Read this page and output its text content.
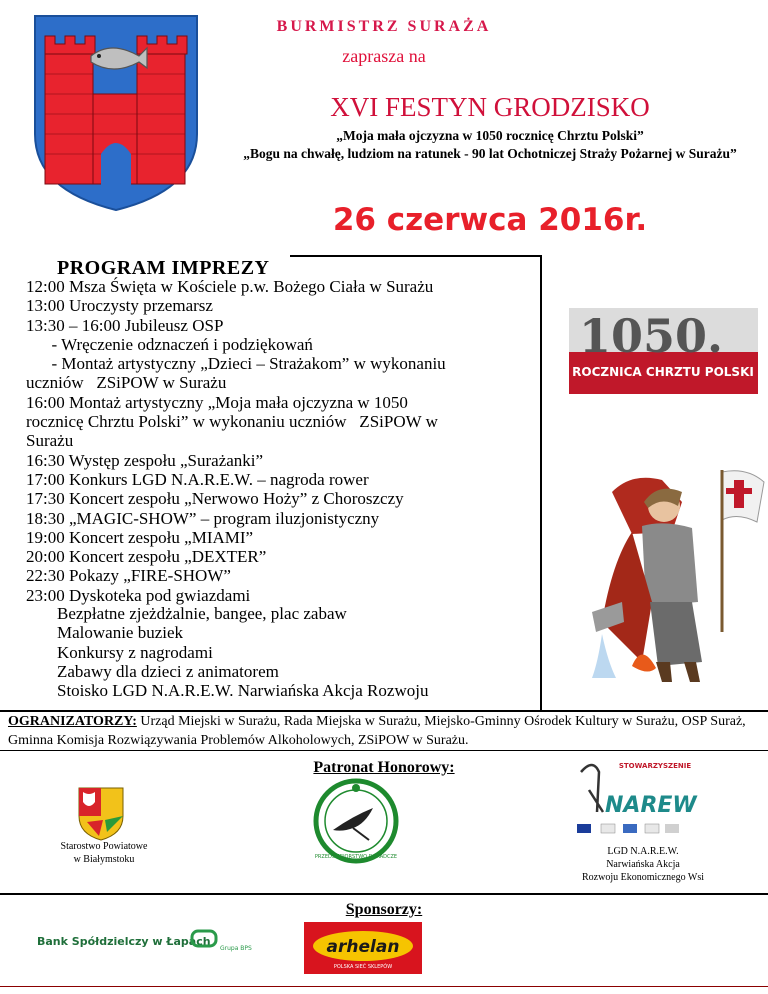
BURMISTRZ SURAŻA
zaprasza na
XVI FESTYN GRODZISKO
„Moja mała ojczyzna w 1050 rocznicę Chrztu Polski”
„Bogu na chwałę, ludziom na ratunek - 90 lat Ochotniczej Straży Pożarnej w Surażu”
26 czerwca 2016r.
PROGRAM IMPREZY
12:00 Msza Święta w Kościele p.w. Bożego Ciała w Surażu
13:00 Uroczysty przemarsz
13:30 – 16:00 Jubileusz OSP
- Wręczenie odznaczeń i podziękowań
- Montaż artystyczny „Dzieci – Strażakom” w wykonaniu
uczniów   ZSiPOW w Surażu
16:00 Montaż artystyczny „Moja mała ojczyzna w 1050
rocznicę Chrztu Polski” w wykonaniu uczniów   ZSiPOW w
Surażu
16:30 Występ zespołu „Surażanki”
17:00 Konkurs LGD N.A.R.E.W. – nagroda rower
17:30 Koncert zespołu „Nerwowo Hoży” z Choroszczy
18:30 „MAGIC-SHOW” – program iluzjonistyczny
19:00 Koncert zespołu „MIAMI”
20:00 Koncert zespołu „DEXTER”
22:30 Pokazy „FIRE-SHOW”
23:00 Dyskoteka pod gwiazdami
Bezpłatne zjeżdżalnie, bangee, plac zabaw
Malowanie buziek
Konkursy z nagrodami
Zabawy dla dzieci z animatorem
Stoisko LGD N.A.R.E.W. Narwiańska Akcja Rozwoju
1050.
ROCZNICA CHRZTU POLSKI
OGRANIZATORZY: Urząd Miejski w Surażu, Rada Miejska w Surażu, Miejsko-Gminny Ośrodek Kultury w Surażu, OSP Suraż, Gminna Komisja Rozwiązywania Problemów Alkoholowych, ZSiPOW w Surażu.
Patronat Honorowy:
Starostwo Powiatowe
w Białymstoku	PRZEDSIĘBIORSTWO DORADCZE
STOWARZYSZENIE
NAREW
LGD N.A.R.E.W.
Narwiańska Akcja
Rozwoju Ekonomicznego Wsi
Sponsorzy:
Bank Spółdzielczy w Łapach
Grupa BPS	arhelan
POLSKA SIEĆ SKLEPÓW
